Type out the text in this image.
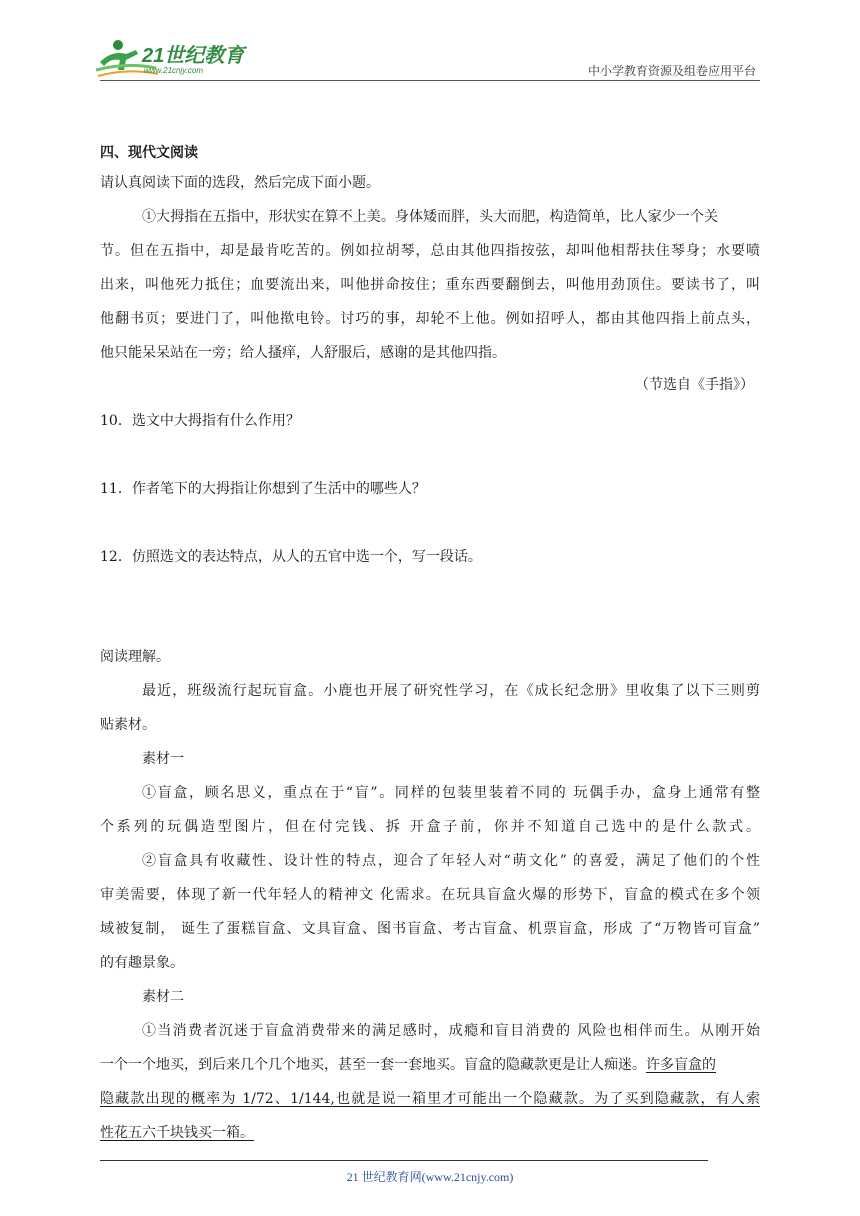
21世纪教育
www.21cnjy.com	中小学教育资源及组卷应用平台
四、现代文阅读
请认真阅读下面的选段，然后完成下面小题。
①大拇指在五指中，形状实在算不上美。身体矮而胖，头大而肥，构造简单，比人家少一个关
节。但在五指中，却是最肯吃苦的。例如拉胡琴，总由其他四指按弦，却叫他相帮扶住琴身；水要喷
出来，叫他死力抵住；血要流出来，叫他拼命按住；重东西要翻倒去，叫他用劲顶住。要读书了，叫
他翻书页；要进门了，叫他揿电铃。讨巧的事，却轮不上他。例如招呼人，都由其他四指上前点头，
他只能呆呆站在一旁；给人搔痒，人舒服后，感谢的是其他四指。
（节选自《手指》）
10．选文中大拇指有什么作用？
11．作者笔下的大拇指让你想到了生活中的哪些人？
12．仿照选文的表达特点，从人的五官中选一个，写一段话。
阅读理解。
最近，班级流行起玩盲盒。小鹿也开展了研究性学习，在《成长纪念册》里收集了以下三则剪
贴素材。
素材一
①盲盒，顾名思义，重点在于“盲”。同样的包装里装着不同的 玩偶手办，盒身上通常有整
个系列的玩偶造型图片，但在付完钱、拆 开盒子前，你并不知道自己选中的是什么款式。
②盲盒具有收藏性、设计性的特点，迎合了年轻人对“萌文化” 的喜爱，满足了他们的个性
审美需要，体现了新一代年轻人的精神文 化需求。在玩具盲盒火爆的形势下，盲盒的模式在多个领
域被复制， 诞生了蛋糕盲盒、文具盲盒、图书盲盒、考古盲盒、机票盲盒，形成 了“万物皆可盲盒”
的有趣景象。
素材二
①当消费者沉迷于盲盒消费带来的满足感时，成瘾和盲目消费的 风险也相伴而生。从刚开始
一个一个地买，到后来几个几个地买，甚至一套一套地买。盲盒的隐藏款更是让人痴迷。许多盲盒的
隐藏款出现的概率为 1/72、1/144,也就是说一箱里才可能出一个隐藏款。为了买到隐藏款，有人索
性花五六千块钱买一箱。
21 世纪教育网(www.21cnjy.com)
